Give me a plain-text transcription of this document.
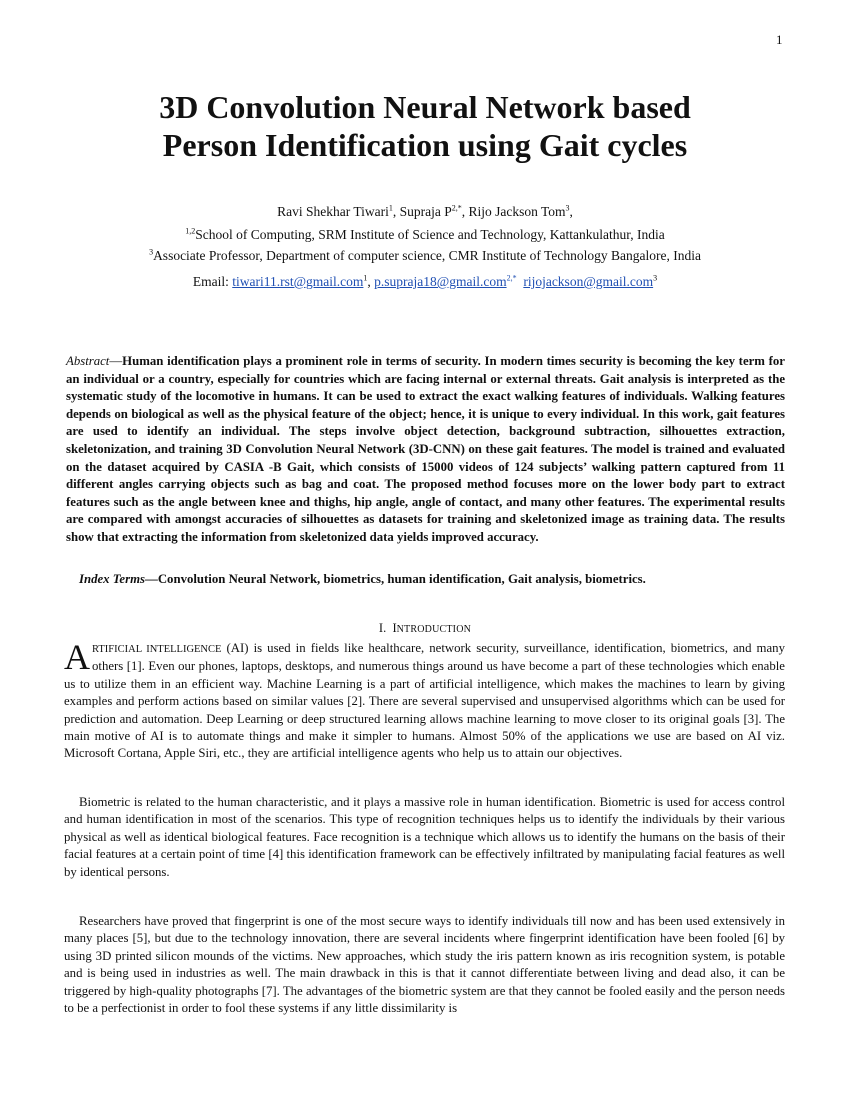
1
3D Convolution Neural Network based
Person Identification using Gait cycles
Ravi Shekhar Tiwari$^1$, Supraja $P^{2,*}$, Rijo Jackson Tom$^3$,
$^{1,2}$School of Computing, SRM Institute of Science and Technology, Kattankulathur, India
$^3$Associate Professor, Department of computer science, CMR Institute of Technology Bangalore, India
Email: tiwari11.rst@gmail.com$^1$, p.supraja18@gmail.com$^{2,*}$ rijojackson@gmail.com$^3$

Abstract—Human identification plays a prominent role in terms of security. In modern times security is becoming the key term for an individual or a country, especially for countries which are facing internal or external threats. Gait analysis is interpreted as the systematic study of the locomotive in humans. It can be used to extract the exact walking features of individuals. Walking features depends on biological as well as the physical feature of the object; hence, it is unique to every individual. In this work, gait features are used to identify an individual. The steps involve object detection, background subtraction, silhouettes extraction, skeletonization, and training 3D Convolution Neural Network (3D-CNN) on these gait features. The model is trained and evaluated on the dataset acquired by CASIA -B Gait, which consists of 15000 videos of 124 subjects’ walking pattern captured from 11 different angles carrying objects such as bag and coat. The proposed method focuses more on the lower body part to extract features such as the angle between knee and thighs, hip angle, angle of contact, and many other features. The experimental results are compared with amongst accuracies of silhouettes as datasets for training and skeletonized image as training data. The results show that extracting the information from skeletonized data yields improved accuracy.

Index Terms—Convolution Neural Network, biometrics, human identification, Gait analysis, biometrics.

I. INTRODUCTION

ARTIFICIAL INTELLIGENCE (AI) is used in fields like healthcare, network security, surveillance, identification, biometrics, and many others [1]. Even our phones, laptops, desktops, and numerous things around us have become a part of these technologies which enable us to utilize them in an efficient way. Machine Learning is a part of artificial intelligence, which makes the machines to learn by giving examples and perform actions based on similar values [2]. There are several supervised and unsupervised algorithms which can be used for prediction and automation. Deep Learning or deep structured learning allows machine learning to move closer to its original goals [3]. The main motive of AI is to automate things and make it simpler to humans. Almost 50% of the applications we use are based on AI viz. Microsoft Cortana, Apple Siri, etc., they are artificial intelligence agents who help us to attain our objectives.

Biometric is related to the human characteristic, and it plays a massive role in human identification. Biometric is used for access control and human identification in most of the scenarios. This type of recognition techniques helps us to identify the individuals by their various physical as well as identical biological features. Face recognition is a technique which allows us to identify the humans on the basis of their facial features at a certain point of time [4] this identification framework can be effectively infiltrated by manipulating facial features as well by identical persons.

Researchers have proved that fingerprint is one of the most secure ways to identify individuals till now and has been used extensively in many places [5], but due to the technology innovation, there are several incidents where fingerprint identification have been fooled [6] by using 3D printed silicon mounds of the victims. New approaches, which study the iris pattern known as iris recognition system, is potable and is being used in industries as well. The main drawback in this is that it cannot differentiate between living and dead also, it can be triggered by high-quality photographs [7]. The advantages of the biometric system are that they cannot be fooled easily and the person needs to be a perfectionist in order to fool these systems if any little dissimilarity is
